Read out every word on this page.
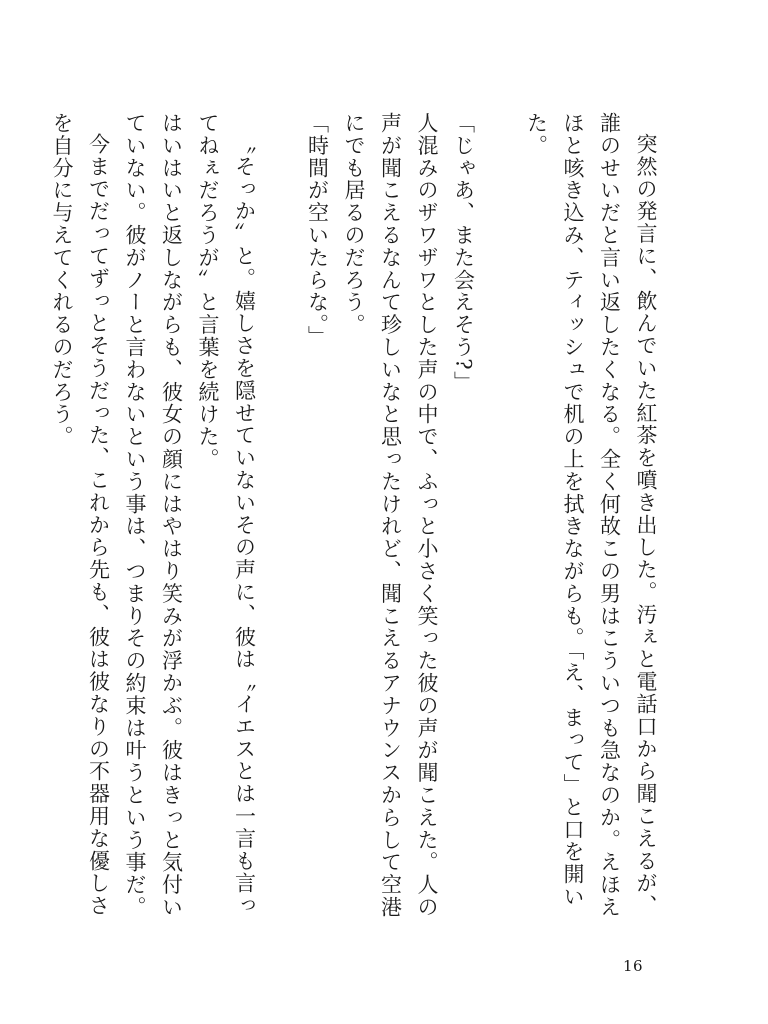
突然の発言に、飲んでいた紅茶を噴き出した。汚ぇと電話口から聞こえるが、誰のせいだと言い返したくなる。全く何故この男はこういつも急なのか。えほえほと咳き込み、ティッシュで机の上を拭きながらも。「え、まって」と口を開いた。

「じゃあ、また会えそう?」

人混みのザワザワとした声の中で、ふっと小さく笑った彼の声が聞こえた。人の声が聞こえるなんて珍しいなと思ったけれど、聞こえるアナウンスからして空港にでも居るのだろう。

「時間が空いたらな。」

〝そっか〟と。嬉しさを隠せていないその声に、彼は〝イエスとは一言も言ってねぇだろうが〟と言葉を続けた。

はいはいと返しながらも、彼女の顔にはやはり笑みが浮かぶ。彼はきっと気付いていない。彼がノーと言わないという事は、つまりその約束は叶うという事だ。

今までだってずっとそうだった、これから先も、彼は彼なりの不器用な優しさを自分に与えてくれるのだろう。

16
